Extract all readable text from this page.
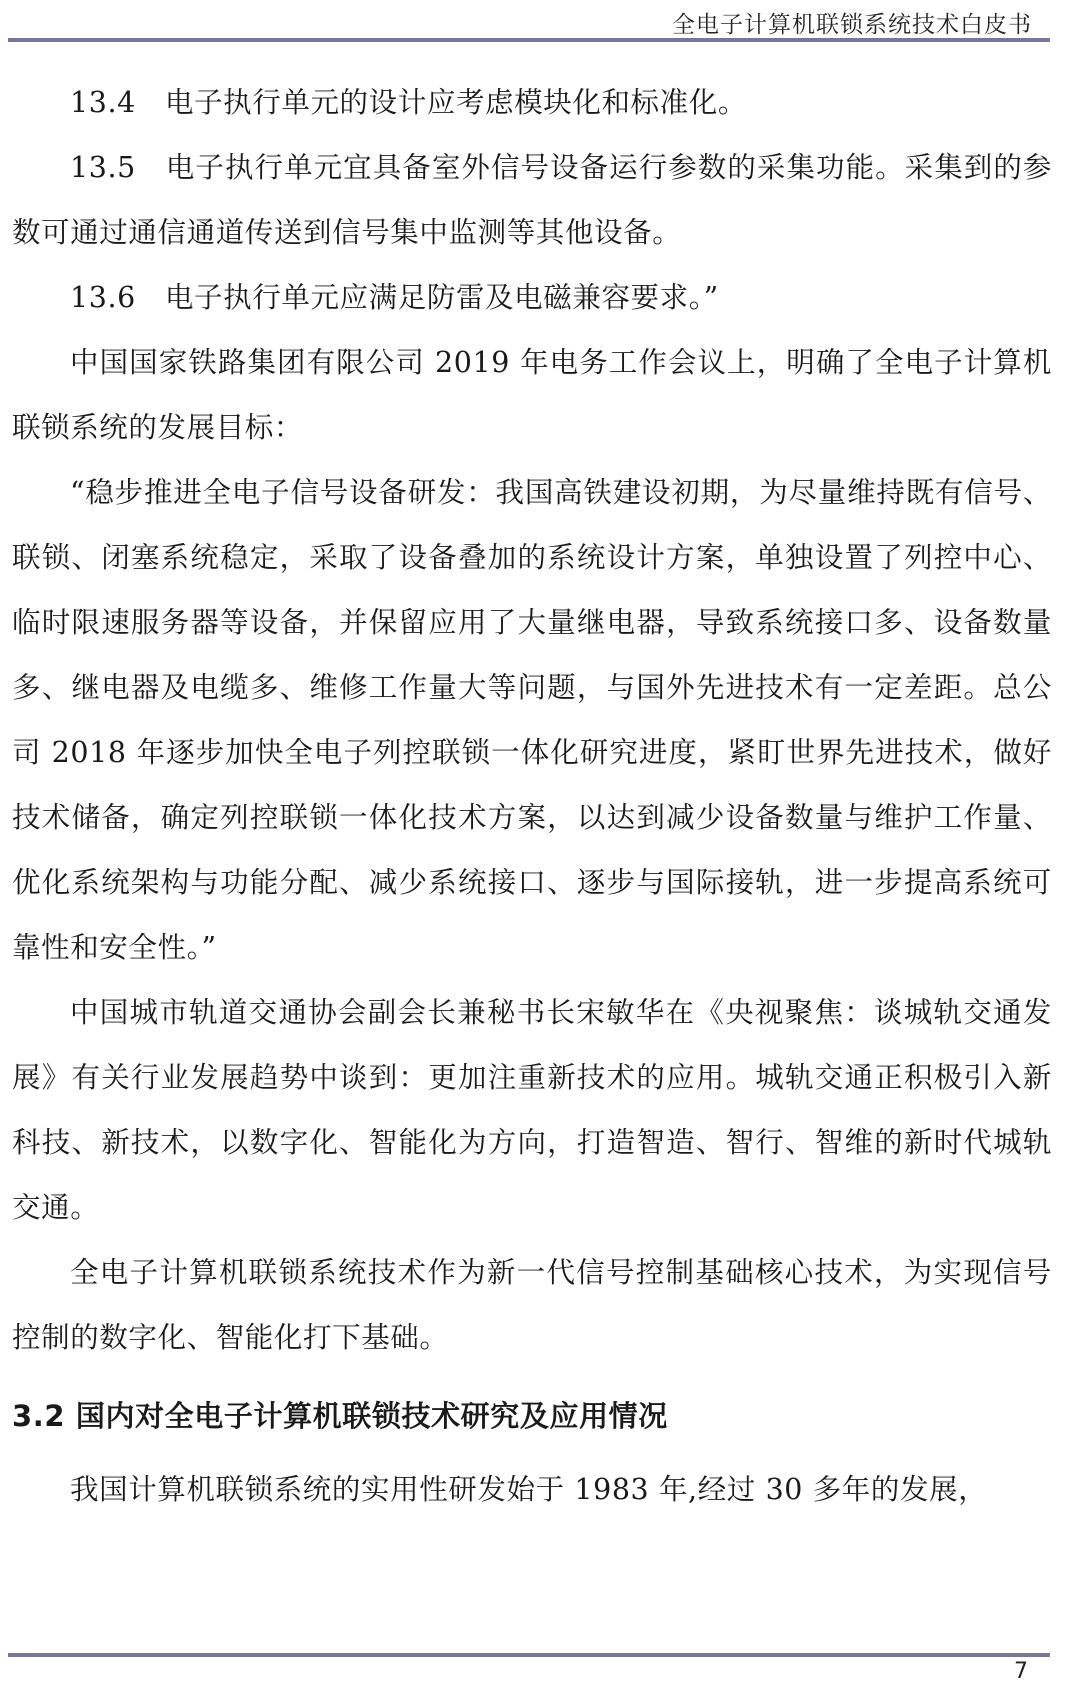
全电子计算机联锁系统技术白皮书

13.4　电子执行单元的设计应考虑模块化和标准化。

13.5　电子执行单元宜具备室外信号设备运行参数的采集功能。采集到的参数可通过通信通道传送到信号集中监测等其他设备。

13.6　电子执行单元应满足防雷及电磁兼容要求。”

中国国家铁路集团有限公司 2019 年电务工作会议上，明确了全电子计算机联锁系统的发展目标：

“稳步推进全电子信号设备研发：我国高铁建设初期，为尽量维持既有信号、联锁、闭塞系统稳定，采取了设备叠加的系统设计方案，单独设置了列控中心、临时限速服务器等设备，并保留应用了大量继电器，导致系统接口多、设备数量多、继电器及电缆多、维修工作量大等问题，与国外先进技术有一定差距。总公司 2018 年逐步加快全电子列控联锁一体化研究进度，紧盯世界先进技术，做好技术储备，确定列控联锁一体化技术方案，以达到减少设备数量与维护工作量、优化系统架构与功能分配、减少系统接口、逐步与国际接轨，进一步提高系统可靠性和安全性。”

中国城市轨道交通协会副会长兼秘书长宋敏华在《央视聚焦：谈城轨交通发展》有关行业发展趋势中谈到：更加注重新技术的应用。城轨交通正积极引入新科技、新技术，以数字化、智能化为方向，打造智造、智行、智维的新时代城轨交通。

全电子计算机联锁系统技术作为新一代信号控制基础核心技术，为实现信号控制的数字化、智能化打下基础。

3.2 国内对全电子计算机联锁技术研究及应用情况

我国计算机联锁系统的实用性研发始于 1983 年,经过 30 多年的发展，

7
